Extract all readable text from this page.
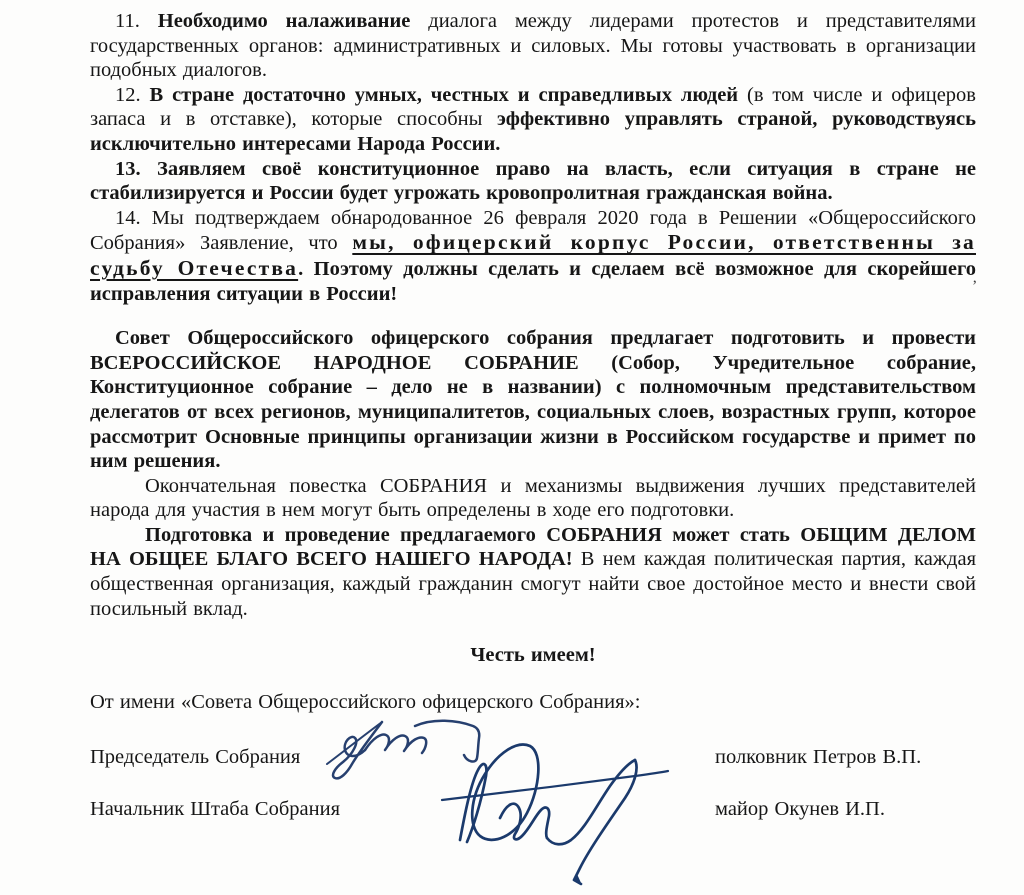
11. Необходимо налаживание диалога между лидерами протестов и представителями государственных органов: административных и силовых. Мы готовы участвовать в организации подобных диалогов.

12. В стране достаточно умных, честных и справедливых людей (в том числе и офицеров запаса и в отставке), которые способны эффективно управлять страной, руководствуясь исключительно интересами Народа России.

13. Заявляем своё конституционное право на власть, если ситуация в стране не стабилизируется и России будет угрожать кровопролитная гражданская война.

14. Мы подтверждаем обнародованное 26 февраля 2020 года в Решении «Общероссийского Собрания» Заявление, что мы, офицерский корпус России, ответственны за судьбу Отечества. Поэтому должны сделать и сделаем всё возможное для скорейшего исправления ситуации в России!

Совет Общероссийского офицерского собрания предлагает подготовить и провести ВСЕРОССИЙСКОЕ НАРОДНОЕ СОБРАНИЕ (Собор, Учредительное собрание, Конституционное собрание – дело не в названии) с полномочным представительством делегатов от всех регионов, муниципалитетов, социальных слоев, возрастных групп, которое рассмотрит Основные принципы организации жизни в Российском государстве и примет по ним решения.

Окончательная повестка СОБРАНИЯ и механизмы выдвижения лучших представителей народа для участия в нем могут быть определены в ходе его подготовки.

Подготовка и проведение предлагаемого СОБРАНИЯ может стать ОБЩИМ ДЕЛОМ НА ОБЩЕЕ БЛАГО ВСЕГО НАШЕГО НАРОДА! В нем каждая политическая партия, каждая общественная организация, каждый гражданин смогут найти свое достойное место и внести свой посильный вклад.

Честь имеем!

От имени «Совета Общероссийского офицерского Собрания»:

Председатель Собрания	полковник Петров В.П.
Начальник Штаба Собрания	майор Окунев И.П.
’
